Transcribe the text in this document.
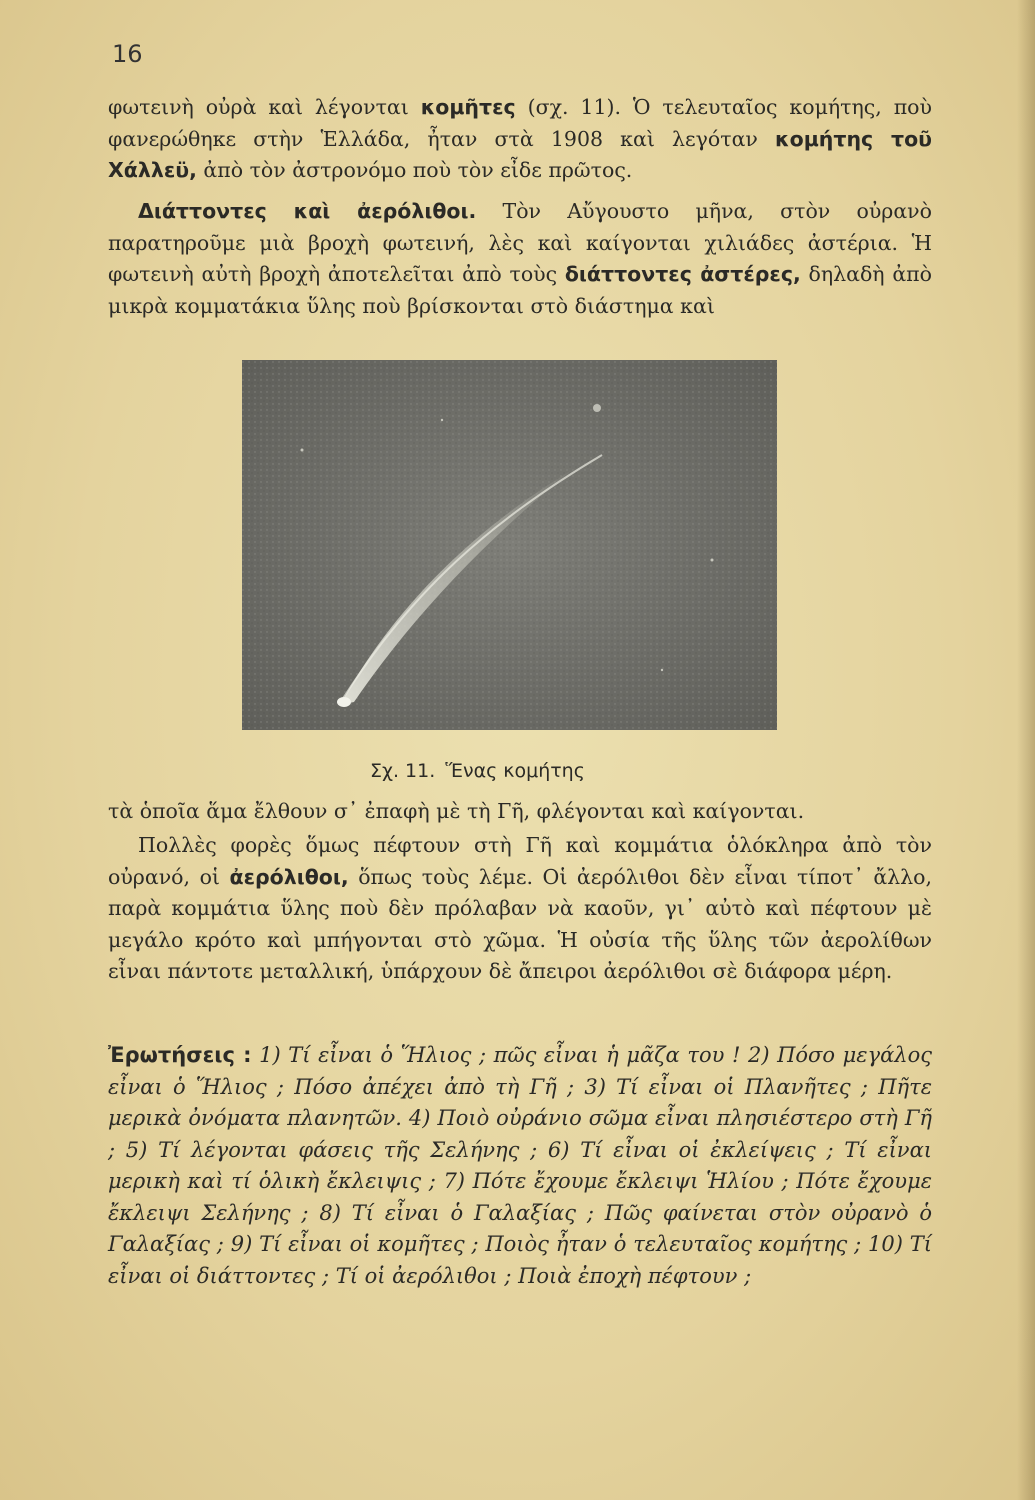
16

φωτεινὴ οὐρὰ καὶ λέγονται κομῆτες (σχ. 11). Ὁ τελευταῖος κομήτης, ποὺ φανερώθηκε στὴν Ἑλλάδα, ἦταν στὰ 1908 καὶ λεγόταν κομήτης τοῦ Χάλλεϋ, ἀπὸ τὸν ἀστρονόμο ποὺ τὸν εἶδε πρῶτος.

Διάττοντες καὶ ἀερόλιθοι. Τὸν Αὔγουστο μῆνα, στὸν οὐρανὸ παρατηροῦμε μιὰ βροχὴ φωτεινή, λὲς καὶ καίγονται χιλιάδες ἀστέρια. Ἡ φωτεινὴ αὐτὴ βροχὴ ἀποτελεῖται ἀπὸ τοὺς διάττοντες ἀστέρες, δηλαδὴ ἀπὸ μικρὰ κομματάκια ὕλης ποὺ βρίσκονται στὸ διάστημα καὶ

Σχ. 11. Ἕνας κομήτης

τὰ ὁποῖα ἅμα ἔλθουν σ᾽ ἐπαφὴ μὲ τὴ Γῆ, φλέγονται καὶ καίγονται.

Πολλὲς φορὲς ὅμως πέφτουν στὴ Γῆ καὶ κομμάτια ὁλόκληρα ἀπὸ τὸν οὐρανό, οἱ ἀερόλιθοι, ὅπως τοὺς λέμε. Οἱ ἀερόλιθοι δὲν εἶναι τίποτ᾽ ἄλλο, παρὰ κομμάτια ὕλης ποὺ δὲν πρόλαβαν νὰ καοῦν, γι᾽ αὐτὸ καὶ πέφτουν μὲ μεγάλο κρότο καὶ μπήγονται στὸ χῶμα. Ἡ οὐσία τῆς ὕλης τῶν ἀερολίθων εἶναι πάντοτε μεταλλική, ὑπάρχουν δὲ ἄπειροι ἀερόλιθοι σὲ διάφορα μέρη.

Ἐρωτήσεις : 1) Τί εἶναι ὁ Ἥλιος ; πῶς εἶναι ἡ μᾶζα του ! 2) Πόσο μεγάλος εἶναι ὁ Ἥλιος ; Πόσο ἀπέχει ἀπὸ τὴ Γῆ ; 3) Τί εἶναι οἱ Πλανῆτες ; Πῆτε μερικὰ ὀνόματα πλανητῶν. 4) Ποιὸ οὐράνιο σῶμα εἶναι πλησιέστερο στὴ Γῆ ; 5) Τί λέγονται φάσεις τῆς Σελήνης ; 6) Τί εἶναι οἱ ἐκλείψεις ; Τί εἶναι μερικὴ καὶ τί ὁλικὴ ἔκλειψις ; 7) Πότε ἔχουμε ἔκλειψι Ἡλίου ; Πότε ἔχουμε ἔκλειψι Σελήνης ; 8) Τί εἶναι ὁ Γαλαξίας ; Πῶς φαίνεται στὸν οὐρανὸ ὁ Γαλαξίας ; 9) Τί εἶναι οἱ κομῆτες ; Ποιὸς ἦταν ὁ τελευταῖος κομήτης ; 10) Τί εἶναι οἱ διάττοντες ; Τί οἱ ἀερόλιθοι ; Ποιὰ ἐποχὴ πέφτουν ;
